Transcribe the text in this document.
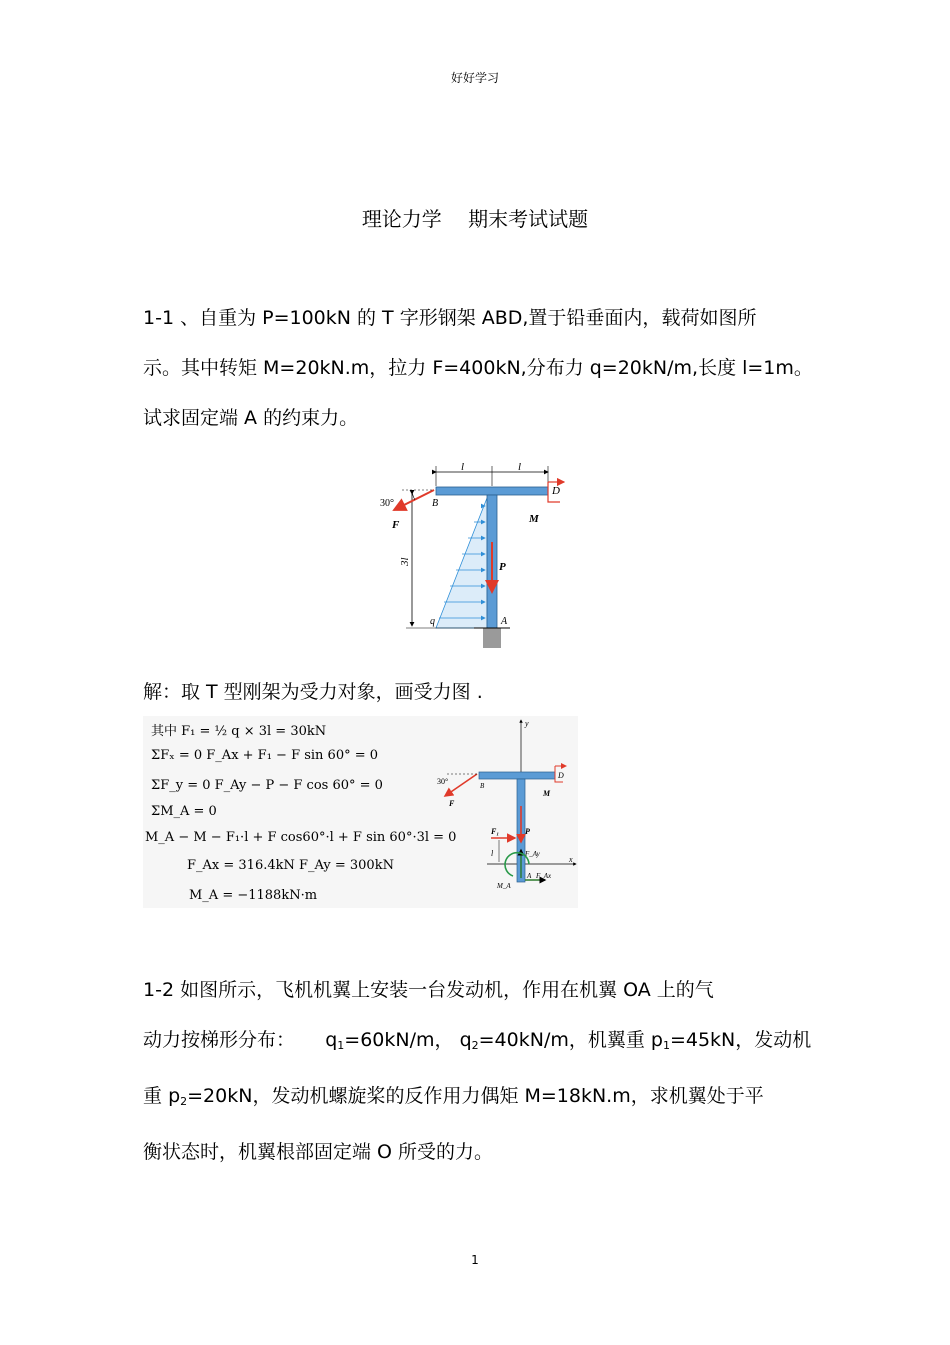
好好学习
理论力学 期末考试试题
1-1 、自重为 P=100kN 的 T 字形钢架 ABD,置于铅垂面内，载荷如图所
示。其中转矩 M=20kN.m，拉力 F=400kN,分布力 q=20kN/m,长度 l=1m。
试求固定端 A 的约束力。
l	l
3l
30°
F
B
D
M
P
q	A
解：取 T 型刚架为受力对象，画受力图 .
其中 F₁ = ½ q × 3l = 30kN
ΣFₓ = 0 F_Ax + F₁ − F sin 60° = 0
ΣF_y = 0 F_Ay − P − F cos 60° = 0
ΣM_A = 0
M_A − M − F₁·l + F cos60°·l + F sin 60°·3l = 0
F_Ax = 316.4kN F_Ay = 300kN
M_A = −1188kN·m
y
x
30°
F
B
D
M
F₁
l
P
F_Ay
M_A
A F_Ax
1-2 如图所示，飞机机翼上安装一台发动机，作用在机翼 OA 上的气
动力按梯形分布： $q_1=60kN/m$， $q_2=40kN/m$，机翼重 $p_1=45kN$，发动机
重 $p_2=20kN$，发动机螺旋桨的反作用力偶矩 M=18kN.m，求机翼处于平
衡状态时，机翼根部固定端 O 所受的力。
1
